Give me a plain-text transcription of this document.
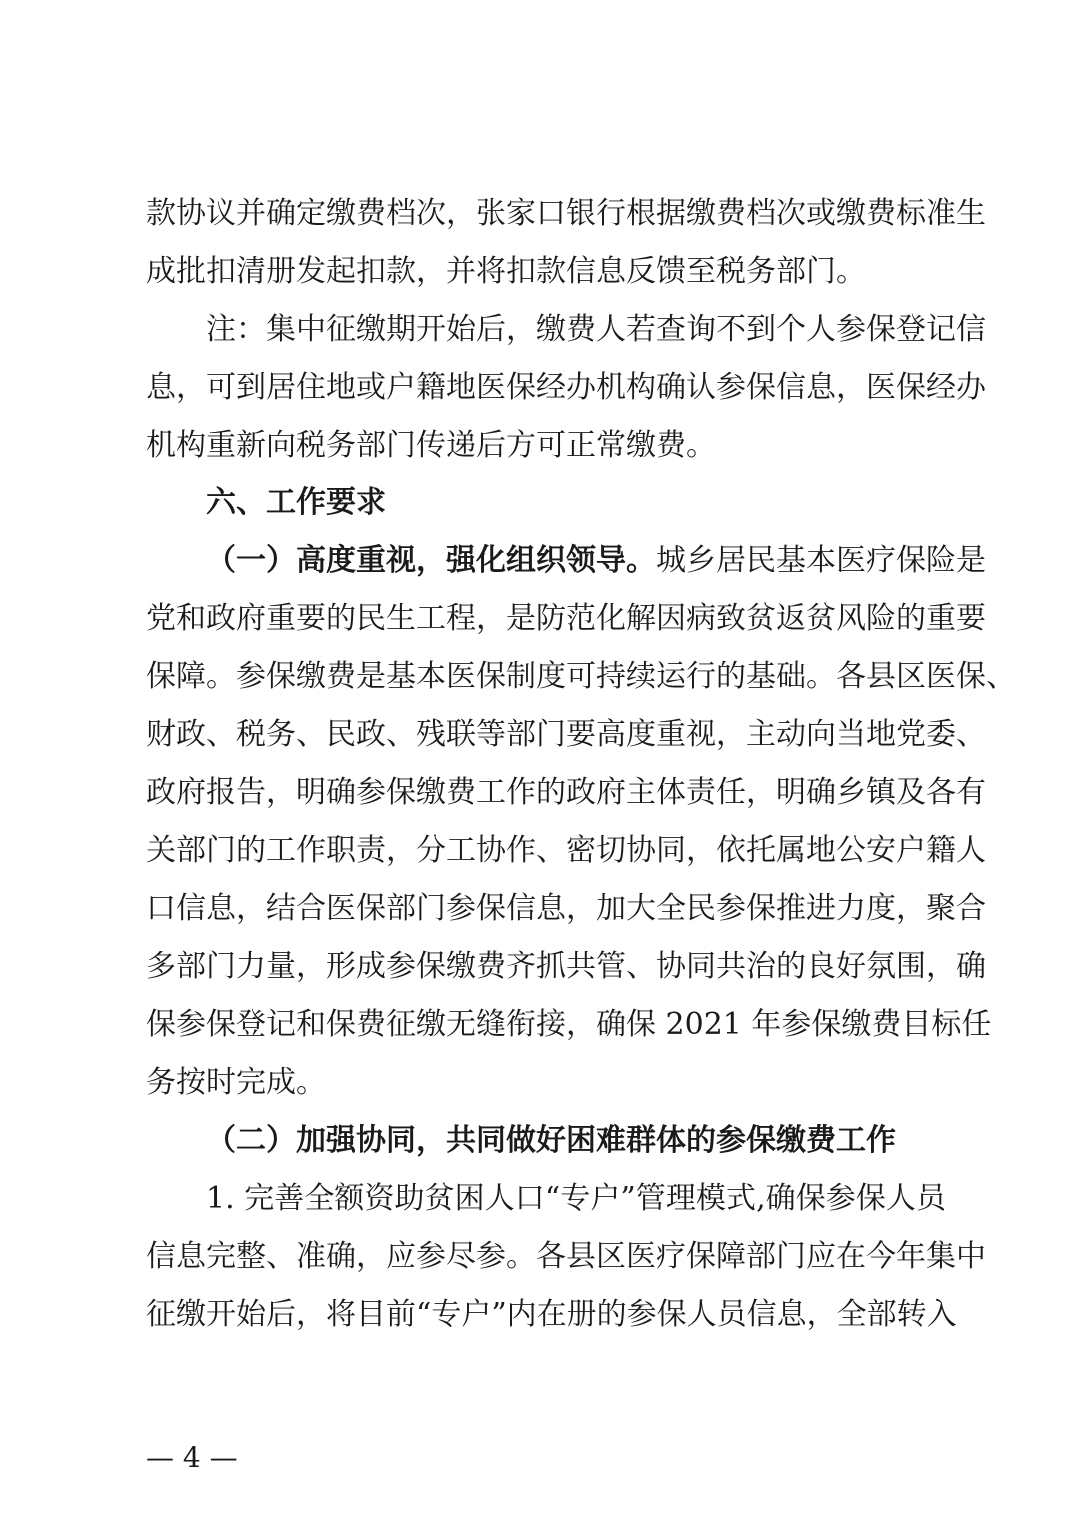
款协议并确定缴费档次，张家口银行根据缴费档次或缴费标准生
成批扣清册发起扣款，并将扣款信息反馈至税务部门。
注：集中征缴期开始后，缴费人若查询不到个人参保登记信
息，可到居住地或户籍地医保经办机构确认参保信息，医保经办
机构重新向税务部门传递后方可正常缴费。
六、工作要求
（一）高度重视，强化组织领导。城乡居民基本医疗保险是
党和政府重要的民生工程，是防范化解因病致贫返贫风险的重要
保障。参保缴费是基本医保制度可持续运行的基础。各县区医保、
财政、税务、民政、残联等部门要高度重视，主动向当地党委、
政府报告，明确参保缴费工作的政府主体责任，明确乡镇及各有
关部门的工作职责，分工协作、密切协同，依托属地公安户籍人
口信息，结合医保部门参保信息，加大全民参保推进力度，聚合
多部门力量，形成参保缴费齐抓共管、协同共治的良好氛围，确
保参保登记和保费征缴无缝衔接，确保 2021 年参保缴费目标任
务按时完成。
（二）加强协同，共同做好困难群体的参保缴费工作
1. 完善全额资助贫困人口“专户”管理模式,确保参保人员
信息完整、准确，应参尽参。各县区医疗保障部门应在今年集中
征缴开始后，将目前“专户”内在册的参保人员信息，全部转入
— 4 —
